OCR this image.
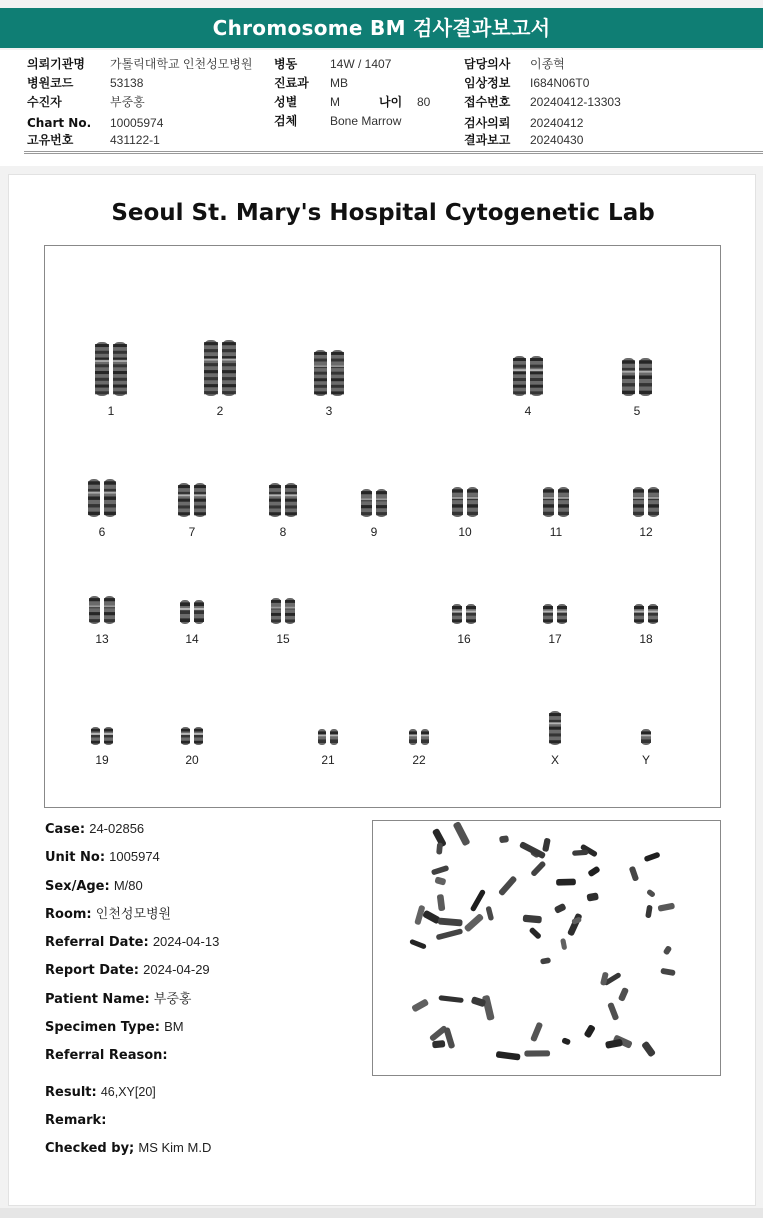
Chromosome BM 검사결과보고서
의뢰기관명 가톨릭대학교 인천성모병원
병원코드	53138
수진자	부중홍
Chart No. 10005974
고유번호	431122-1
병동	14W / 1407
진료과 MB
성별	M	나이 80
검체	Bone Marrow
담당의사 이종혁
임상정보 I684N06T0
접수번호 20240412-13303
검사의뢰 20240412
결과보고 20240430
Seoul St. Mary's Hospital Cytogenetic Lab
1	2	3	4	5
6	7	8	9	10	11	12
13	14	15	16	17	18
19	20	21	22	X	Y
Case: 24-02856
Unit No: 1005974
Sex/Age: M/80
Room: 인천성모병원
Referral Date: 2024-04-13
Report Date: 2024-04-29
Patient Name: 부중홍
Specimen Type: BM
Referral Reason:
Result: 46,XY[20]
Remark:
Checked by; MS Kim M.D
